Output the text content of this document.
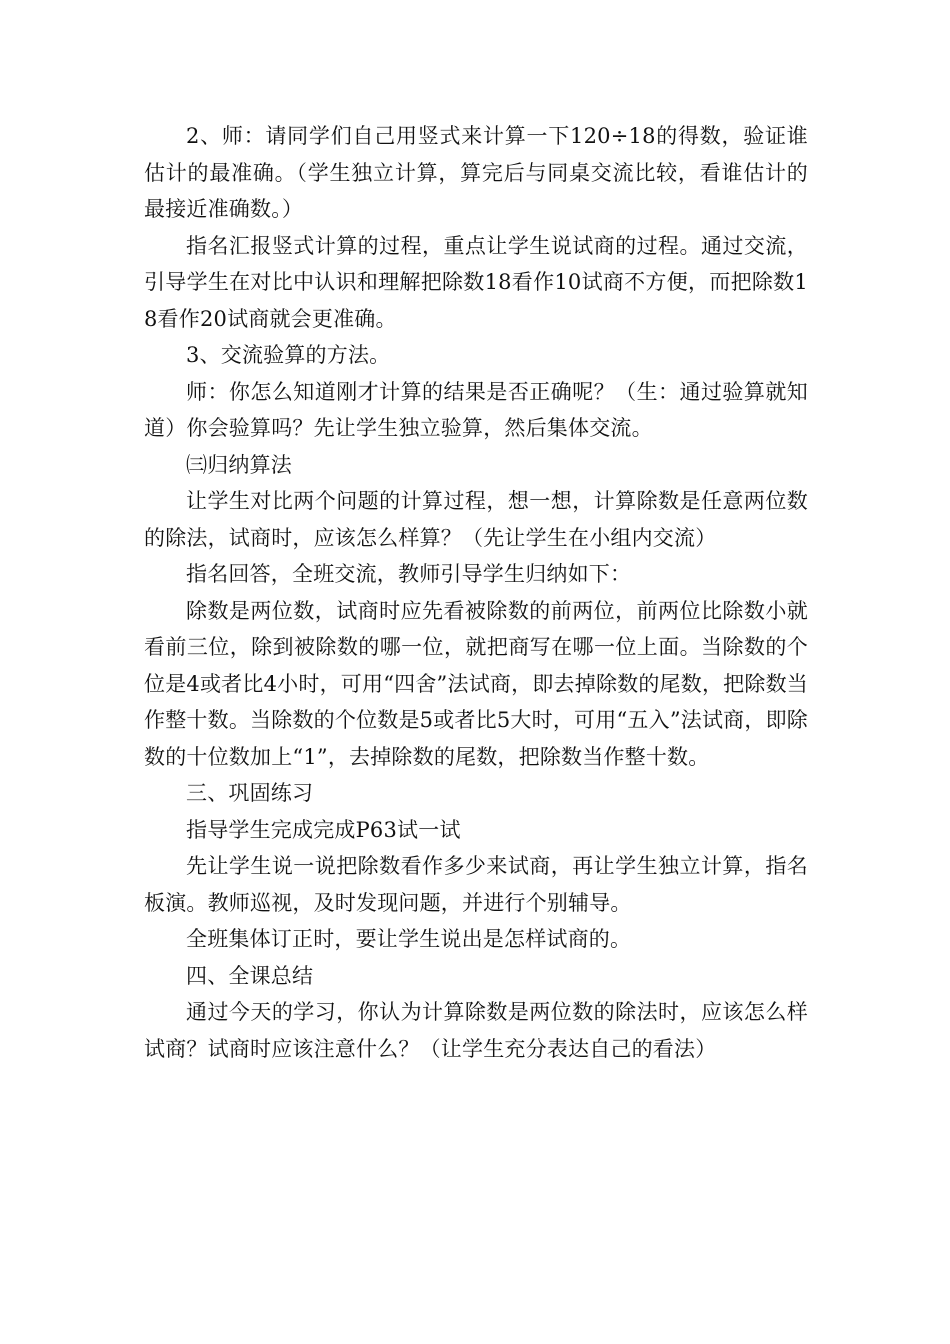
2、师：请同学们自己用竖式来计算一下120÷18的得数，验证谁估计的最准确。（学生独立计算，算完后与同桌交流比较，看谁估计的最接近准确数。）

指名汇报竖式计算的过程，重点让学生说试商的过程。通过交流，引导学生在对比中认识和理解把除数18看作10试商不方便，而把除数18看作20试商就会更准确。

3、交流验算的方法。

师：你怎么知道刚才计算的结果是否正确呢？（生：通过验算就知道）你会验算吗？先让学生独立验算，然后集体交流。

㈢归纳算法

让学生对比两个问题的计算过程，想一想，计算除数是任意两位数的除法，试商时，应该怎么样算？（先让学生在小组内交流）

指名回答，全班交流，教师引导学生归纳如下：

除数是两位数，试商时应先看被除数的前两位，前两位比除数小就看前三位，除到被除数的哪一位，就把商写在哪一位上面。当除数的个位是4或者比4小时，可用“四舍”法试商，即去掉除数的尾数，把除数当作整十数。当除数的个位数是5或者比5大时，可用“五入”法试商，即除数的十位数加上“1”，去掉除数的尾数，把除数当作整十数。

三、巩固练习

指导学生完成完成P63试一试

先让学生说一说把除数看作多少来试商，再让学生独立计算，指名板演。教师巡视，及时发现问题，并进行个别辅导。

全班集体订正时，要让学生说出是怎样试商的。

四、全课总结

通过今天的学习，你认为计算除数是两位数的除法时，应该怎么样试商？试商时应该注意什么？（让学生充分表达自己的看法）
